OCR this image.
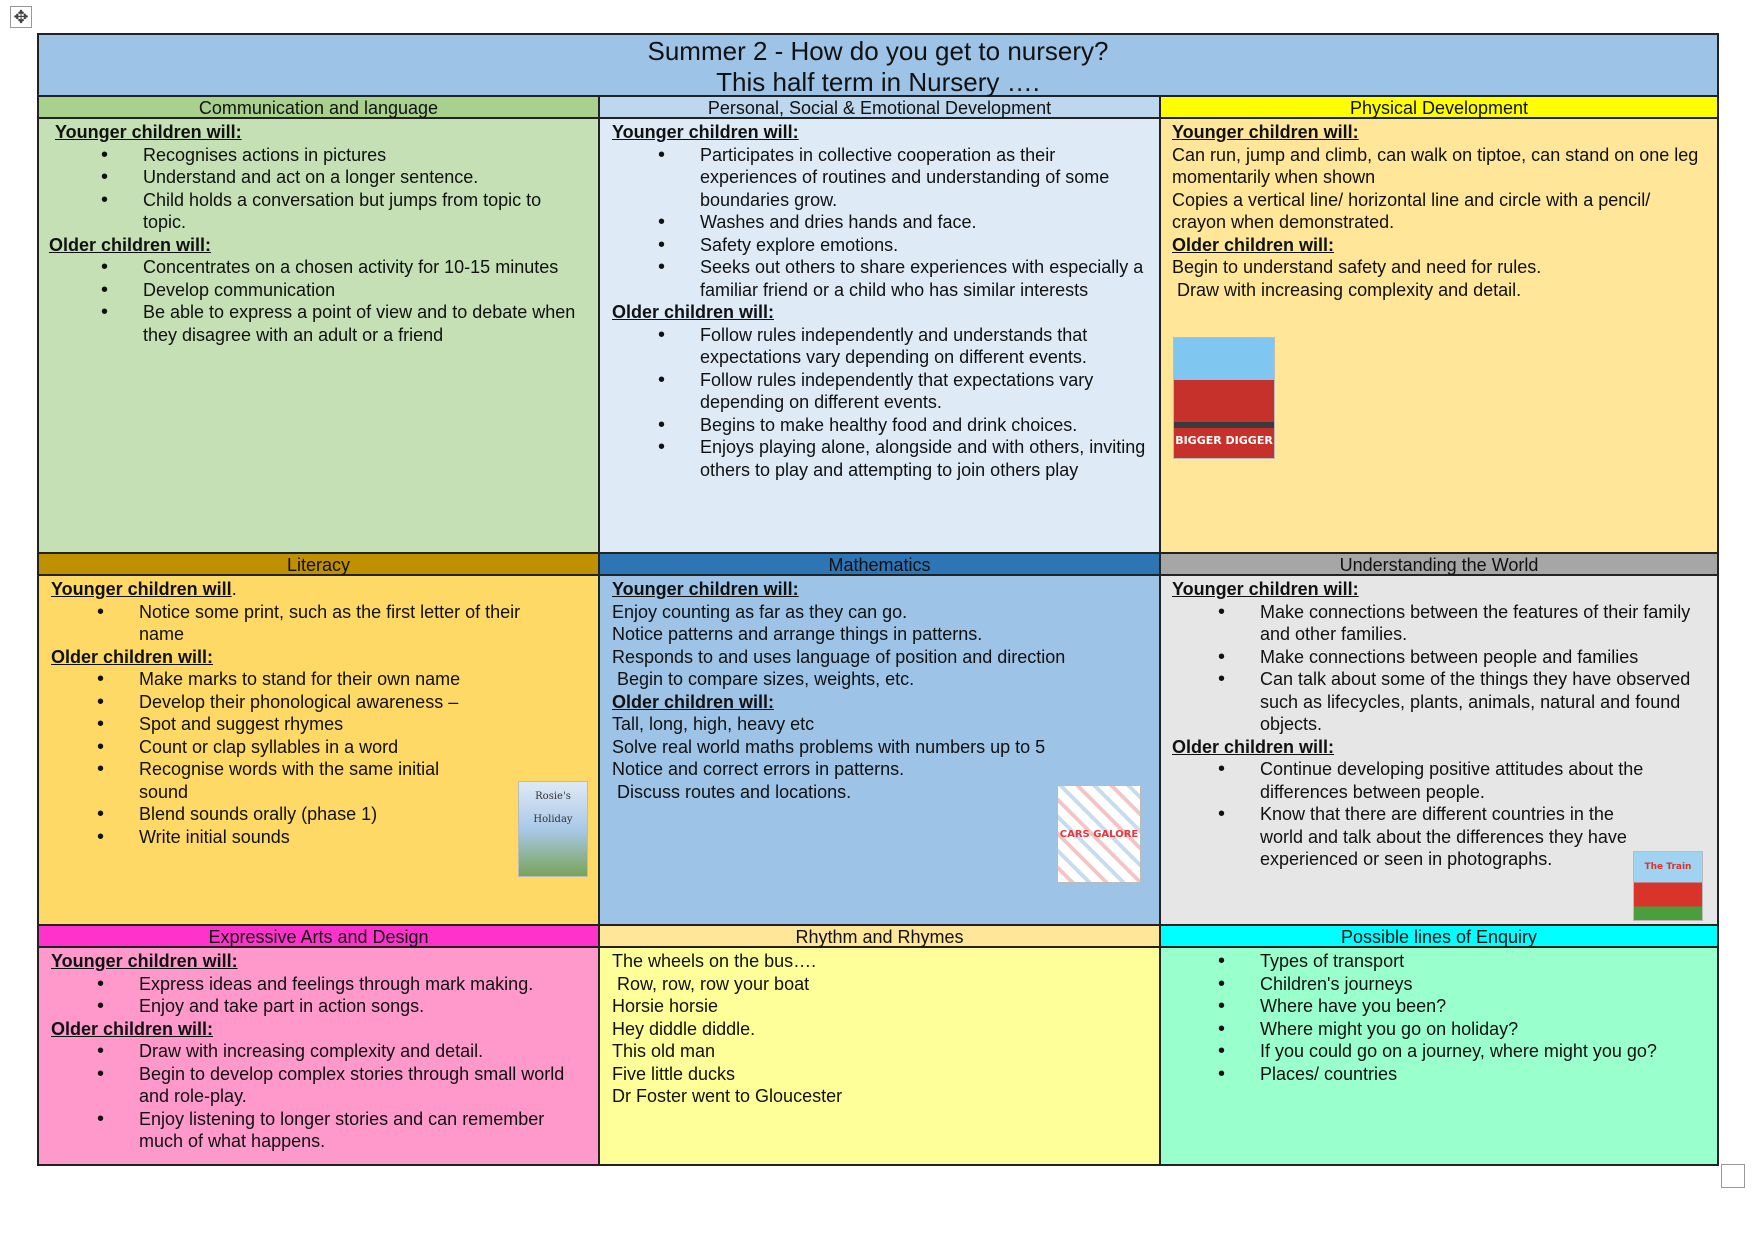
✥
Summer 2 - How do you get to nursery?
This half term in Nursery ….
Communication and language
Younger children will:
• Recognises actions in pictures
• Understand and act on a longer sentence.
• Child holds a conversation but jumps from topic to topic.
Older children will:
• Concentrates on a chosen activity for 10-15 minutes
• Develop communication
• Be able to express a point of view and to debate when they disagree with an adult or a friend
Personal, Social & Emotional Development
Younger children will:
• Participates in collective cooperation as their experiences of routines and understanding of some boundaries grow.
• Washes and dries hands and face.
• Safety explore emotions.
• Seeks out others to share experiences with especially a familiar friend or a child who has similar interests
Older children will:
• Follow rules independently and understands that expectations vary depending on different events.
• Follow rules independently that expectations vary depending on different events.
• Begins to make healthy food and drink choices.
• Enjoys playing alone, alongside and with others, inviting others to play and attempting to join others play
Physical Development
Younger children will:

Can run, jump and climb, can walk on tiptoe, can stand on one leg momentarily when shown

Copies a vertical line/ horizontal line and circle with a pencil/ crayon when demonstrated.

Older children will:

Begin to understand safety and need for rules.

Draw with increasing complexity and detail.

BIGGER DIGGER
Literacy
Younger children will.
• Notice some print, such as the first letter of their name
Older children will:
• Make marks to stand for their own name
• Develop their phonological awareness –
• Spot and suggest rhymes
• Count or clap syllables in a word
• Recognise words with the same initial sound
• Blend sounds orally (phase 1)
• Write initial sounds
Rosie's Holiday
Mathematics
Younger children will:

Enjoy counting as far as they can go.

Notice patterns and arrange things in patterns.

Responds to and uses language of position and direction

Begin to compare sizes, weights, etc.

Older children will:

Tall, long, high, heavy etc

Solve real world maths problems with numbers up to 5

Notice and correct errors in patterns.

Discuss routes and locations.

CARS GALORE
Understanding the World
Younger children will:
• Make connections between the features of their family and other families.
• Make connections between people and families
• Can talk about some of the things they have observed such as lifecycles, plants, animals, natural and found objects.
Older children will:
• Continue developing positive attitudes about the differences between people.
• Know that there are different countries in the world and talk about the differences they have experienced or seen in photographs.	The Train Ride
Expressive Arts and Design
Younger children will:
• Express ideas and feelings through mark making.
• Enjoy and take part in action songs.
Older children will:
• Draw with increasing complexity and detail.
• Begin to develop complex stories through small world and role-play.
• Enjoy listening to longer stories and can remember much of what happens.
Rhythm and Rhymes

The wheels on the bus….

Row, row, row your boat

Horsie horsie

Hey diddle diddle.

This old man

Five little ducks

Dr Foster went to Gloucester

Possible lines of Enquiry
• Types of transport
• Children's journeys
• Where have you been?
• Where might you go on holiday?
• If you could go on a journey, where might you go?
• Places/ countries
